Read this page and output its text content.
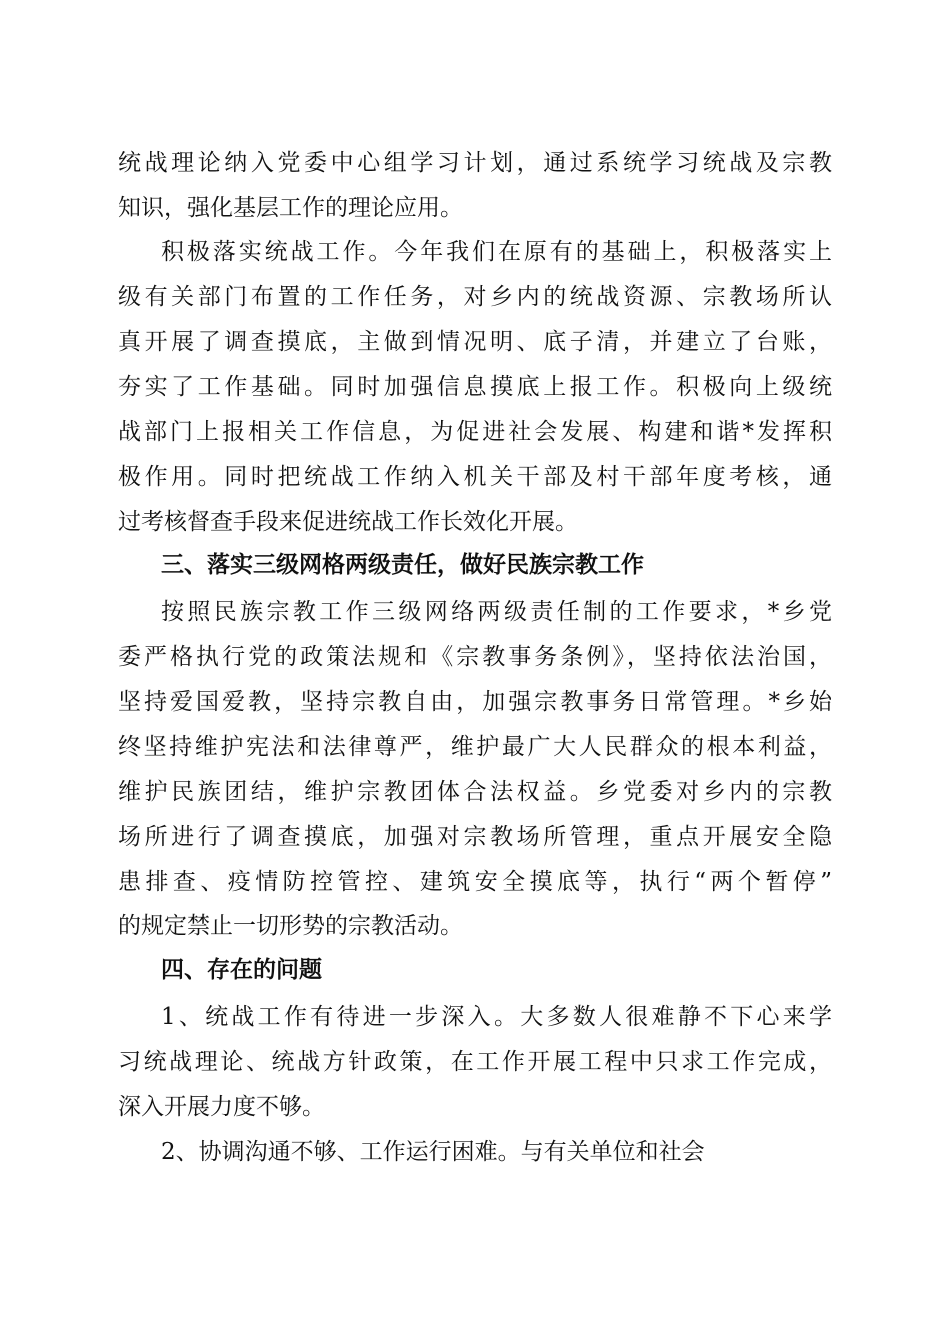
统战理论纳入党委中心组学习计划，通过系统学习统战及宗教

知识，强化基层工作的理论应用。

积极落实统战工作。今年我们在原有的基础上，积极落实上

级有关部门布置的工作任务，对乡内的统战资源、宗教场所认

真开展了调查摸底，主做到情况明、底子清，并建立了台账，

夯实了工作基础。同时加强信息摸底上报工作。积极向上级统

战部门上报相关工作信息，为促进社会发展、构建和谐*发挥积

极作用。同时把统战工作纳入机关干部及村干部年度考核，通

过考核督查手段来促进统战工作长效化开展。

三、落实三级网格两级责任，做好民族宗教工作

按照民族宗教工作三级网络两级责任制的工作要求，*乡党

委严格执行党的政策法规和《宗教事务条例》，坚持依法治国，

坚持爱国爱教，坚持宗教自由，加强宗教事务日常管理。*乡始

终坚持维护宪法和法律尊严，维护最广大人民群众的根本利益，

维护民族团结，维护宗教团体合法权益。乡党委对乡内的宗教

场所进行了调查摸底，加强对宗教场所管理，重点开展安全隐

患排查、疫情防控管控、建筑安全摸底等，执行“两个暂停”

的规定禁止一切形势的宗教活动。

四、存在的问题

1、统战工作有待进一步深入。大多数人很难静不下心来学

习统战理论、统战方针政策，在工作开展工程中只求工作完成，

深入开展力度不够。

2、协调沟通不够、工作运行困难。与有关单位和社会
